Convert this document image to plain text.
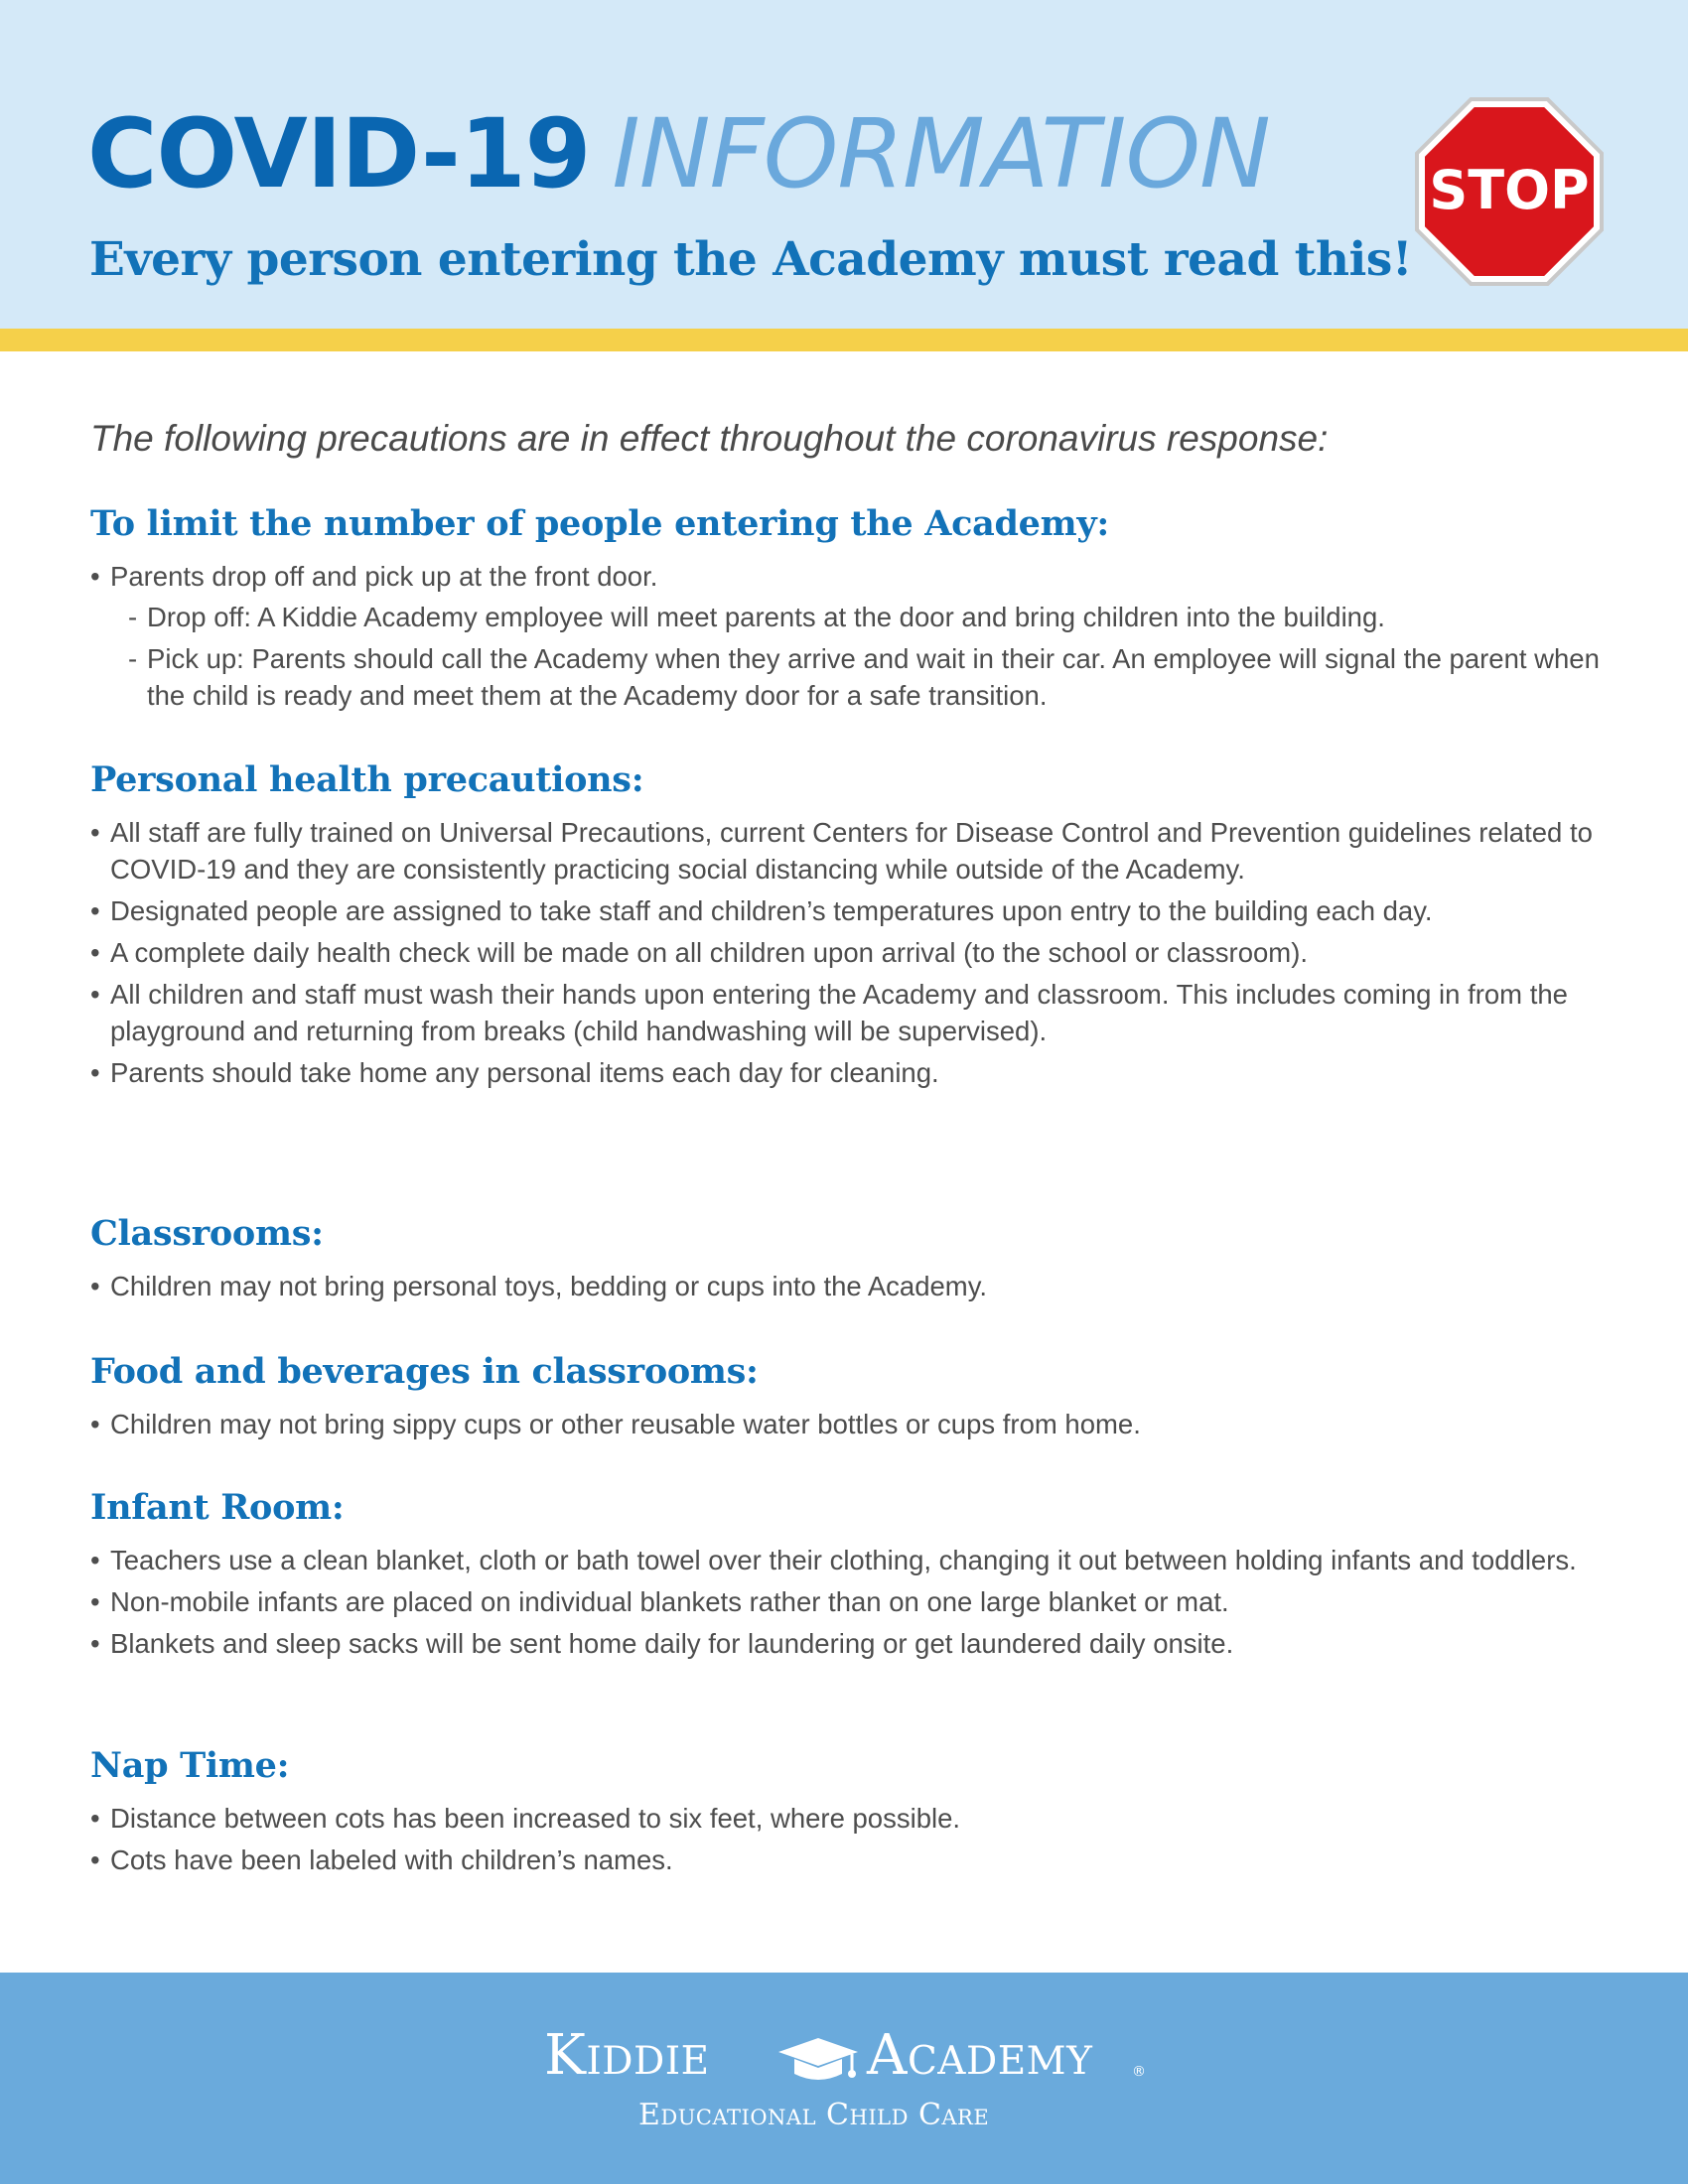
COVID-19 INFORMATION

Every person entering the Academy must read this!

STOP

The following precautions are in effect throughout the coronavirus response:

To limit the number of people entering the Academy:
• Parents drop off and pick up at the front door.
- Drop off: A Kiddie Academy employee will meet parents at the door and bring children into the building.
- Pick up: Parents should call the Academy when they arrive and wait in their car. An employee will signal the parent when the child is ready and meet them at the Academy door for a safe transition.
Personal health precautions:
• All staff are fully trained on Universal Precautions, current Centers for Disease Control and Prevention guidelines related to COVID-19 and they are consistently practicing social distancing while outside of the Academy.
• Designated people are assigned to take staff and children’s temperatures upon entry to the building each day.
• A complete daily health check will be made on all children upon arrival (to the school or classroom).
• All children and staff must wash their hands upon entering the Academy and classroom. This includes coming in from the playground and returning from breaks (child handwashing will be supervised).
• Parents should take home any personal items each day for cleaning.
Classrooms:
• Children may not bring personal toys, bedding or cups into the Academy.
Food and beverages in classrooms:
• Children may not bring sippy cups or other reusable water bottles or cups from home.
Infant Room:
• Teachers use a clean blanket, cloth or bath towel over their clothing, changing it out between holding infants and toddlers.
• Non-mobile infants are placed on individual blankets rather than on one large blanket or mat.
• Blankets and sleep sacks will be sent home daily for laundering or get laundered daily onsite.
Nap Time:
• Distance between cots has been increased to six feet, where possible.
• Cots have been labeled with children’s names.
Kiddie	Academy	®
Educational Child Care
